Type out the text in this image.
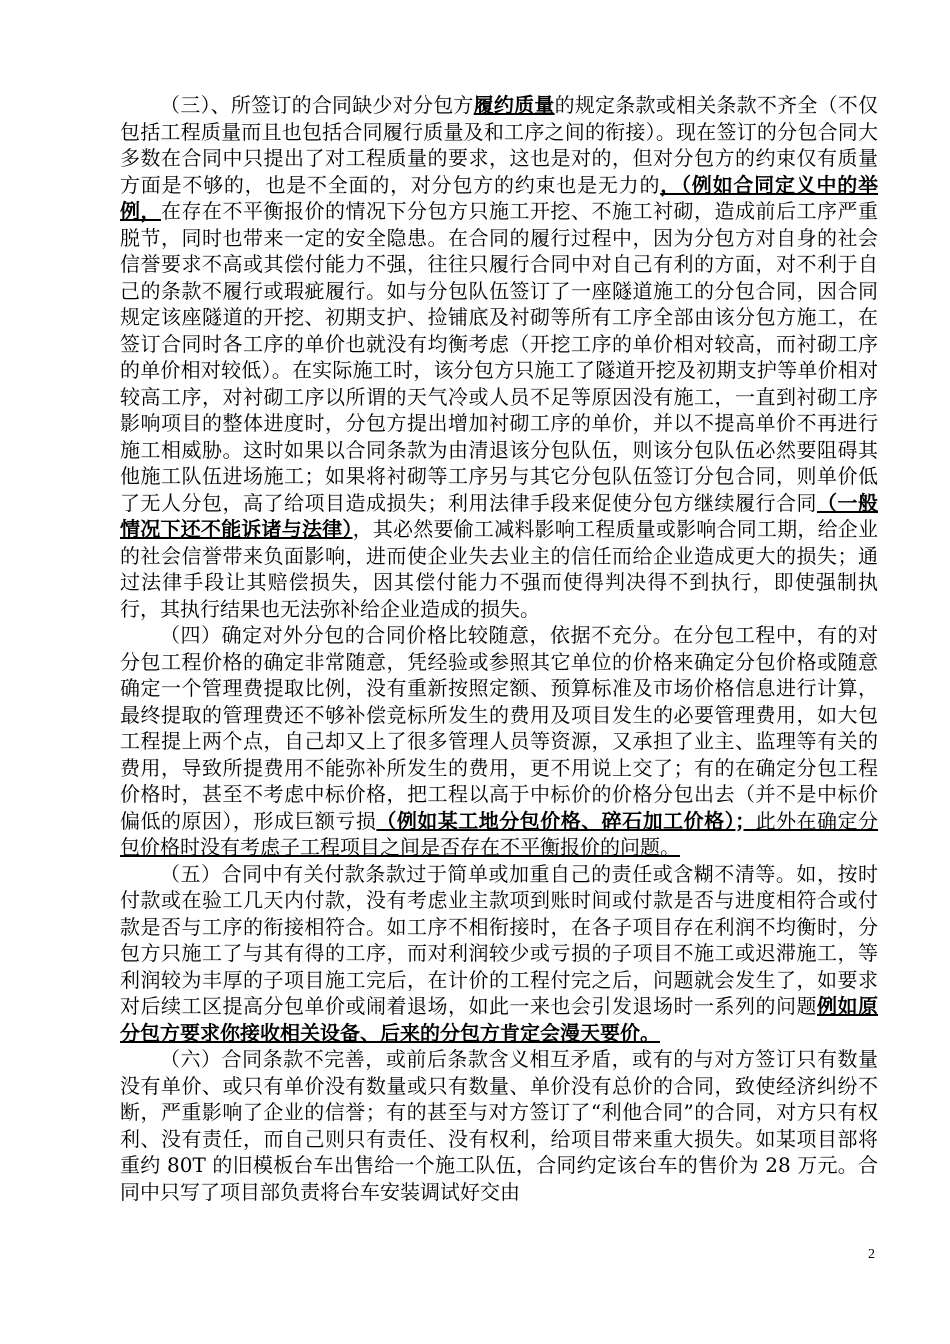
（三）、所签订的合同缺少对分包方履约质量的规定条款或相关条款不齐全（不仅包括工程质量而且也包括合同履行质量及和工序之间的衔接）。现在签订的分包合同大多数在合同中只提出了对工程质量的要求，这也是对的，但对分包方的约束仅有质量方面是不够的，也是不全面的，对分包方的约束也是无力的，（例如合同定义中的举例，在存在不平衡报价的情况下分包方只施工开挖、不施工衬砌，造成前后工序严重脱节，同时也带来一定的安全隐患。在合同的履行过程中，因为分包方对自身的社会信誉要求不高或其偿付能力不强，往往只履行合同中对自己有利的方面，对不利于自己的条款不履行或瑕疵履行。如与分包队伍签订了一座隧道施工的分包合同，因合同规定该座隧道的开挖、初期支护、捡铺底及衬砌等所有工序全部由该分包方施工，在签订合同时各工序的单价也就没有均衡考虑（开挖工序的单价相对较高，而衬砌工序的单价相对较低）。在实际施工时，该分包方只施工了隧道开挖及初期支护等单价相对较高工序，对衬砌工序以所谓的天气冷或人员不足等原因没有施工，一直到衬砌工序影响项目的整体进度时，分包方提出增加衬砌工序的单价，并以不提高单价不再进行施工相威胁。这时如果以合同条款为由清退该分包队伍，则该分包队伍必然要阻碍其他施工队伍进场施工；如果将衬砌等工序另与其它分包队伍签订分包合同，则单价低了无人分包，高了给项目造成损失；利用法律手段来促使分包方继续履行合同（一般情况下还不能诉诸与法律），其必然要偷工减料影响工程质量或影响合同工期，给企业的社会信誉带来负面影响，进而使企业失去业主的信任而给企业造成更大的损失；通过法律手段让其赔偿损失，因其偿付能力不强而使得判决得不到执行，即使强制执行，其执行结果也无法弥补给企业造成的损失。

（四）确定对外分包的合同价格比较随意，依据不充分。在分包工程中，有的对分包工程价格的确定非常随意，凭经验或参照其它单位的价格来确定分包价格或随意确定一个管理费提取比例，没有重新按照定额、预算标准及市场价格信息进行计算，最终提取的管理费还不够补偿竞标所发生的费用及项目发生的必要管理费用，如大包工程提上两个点，自己却又上了很多管理人员等资源，又承担了业主、监理等有关的费用，导致所提费用不能弥补所发生的费用，更不用说上交了；有的在确定分包工程价格时，甚至不考虑中标价格，把工程以高于中标价的价格分包出去（并不是中标价偏低的原因），形成巨额亏损（例如某工地分包价格、碎石加工价格）；此外在确定分包价格时没有考虑子工程项目之间是否存在不平衡报价的问题。

（五）合同中有关付款条款过于简单或加重自己的责任或含糊不清等。如，按时付款或在验工几天内付款，没有考虑业主款项到账时间或付款是否与进度相符合或付款是否与工序的衔接相符合。如工序不相衔接时，在各子项目存在利润不均衡时，分包方只施工了与其有得的工序，而对利润较少或亏损的子项目不施工或迟滞施工，等利润较为丰厚的子项目施工完后，在计价的工程付完之后，问题就会发生了，如要求对后续工区提高分包单价或闹着退场，如此一来也会引发退场时一系列的问题例如原分包方要求你接收相关设备、后来的分包方肯定会漫天要价。

（六）合同条款不完善，或前后条款含义相互矛盾，或有的与对方签订只有数量没有单价、或只有单价没有数量或只有数量、单价没有总价的合同，致使经济纠纷不断，严重影响了企业的信誉；有的甚至与对方签订了“利他合同”的合同，对方只有权利、没有责任，而自己则只有责任、没有权利，给项目带来重大损失。如某项目部将重约 80T 的旧模板台车出售给一个施工队伍，合同约定该台车的售价为 28 万元。合同中只写了项目部负责将台车安装调试好交由

2
